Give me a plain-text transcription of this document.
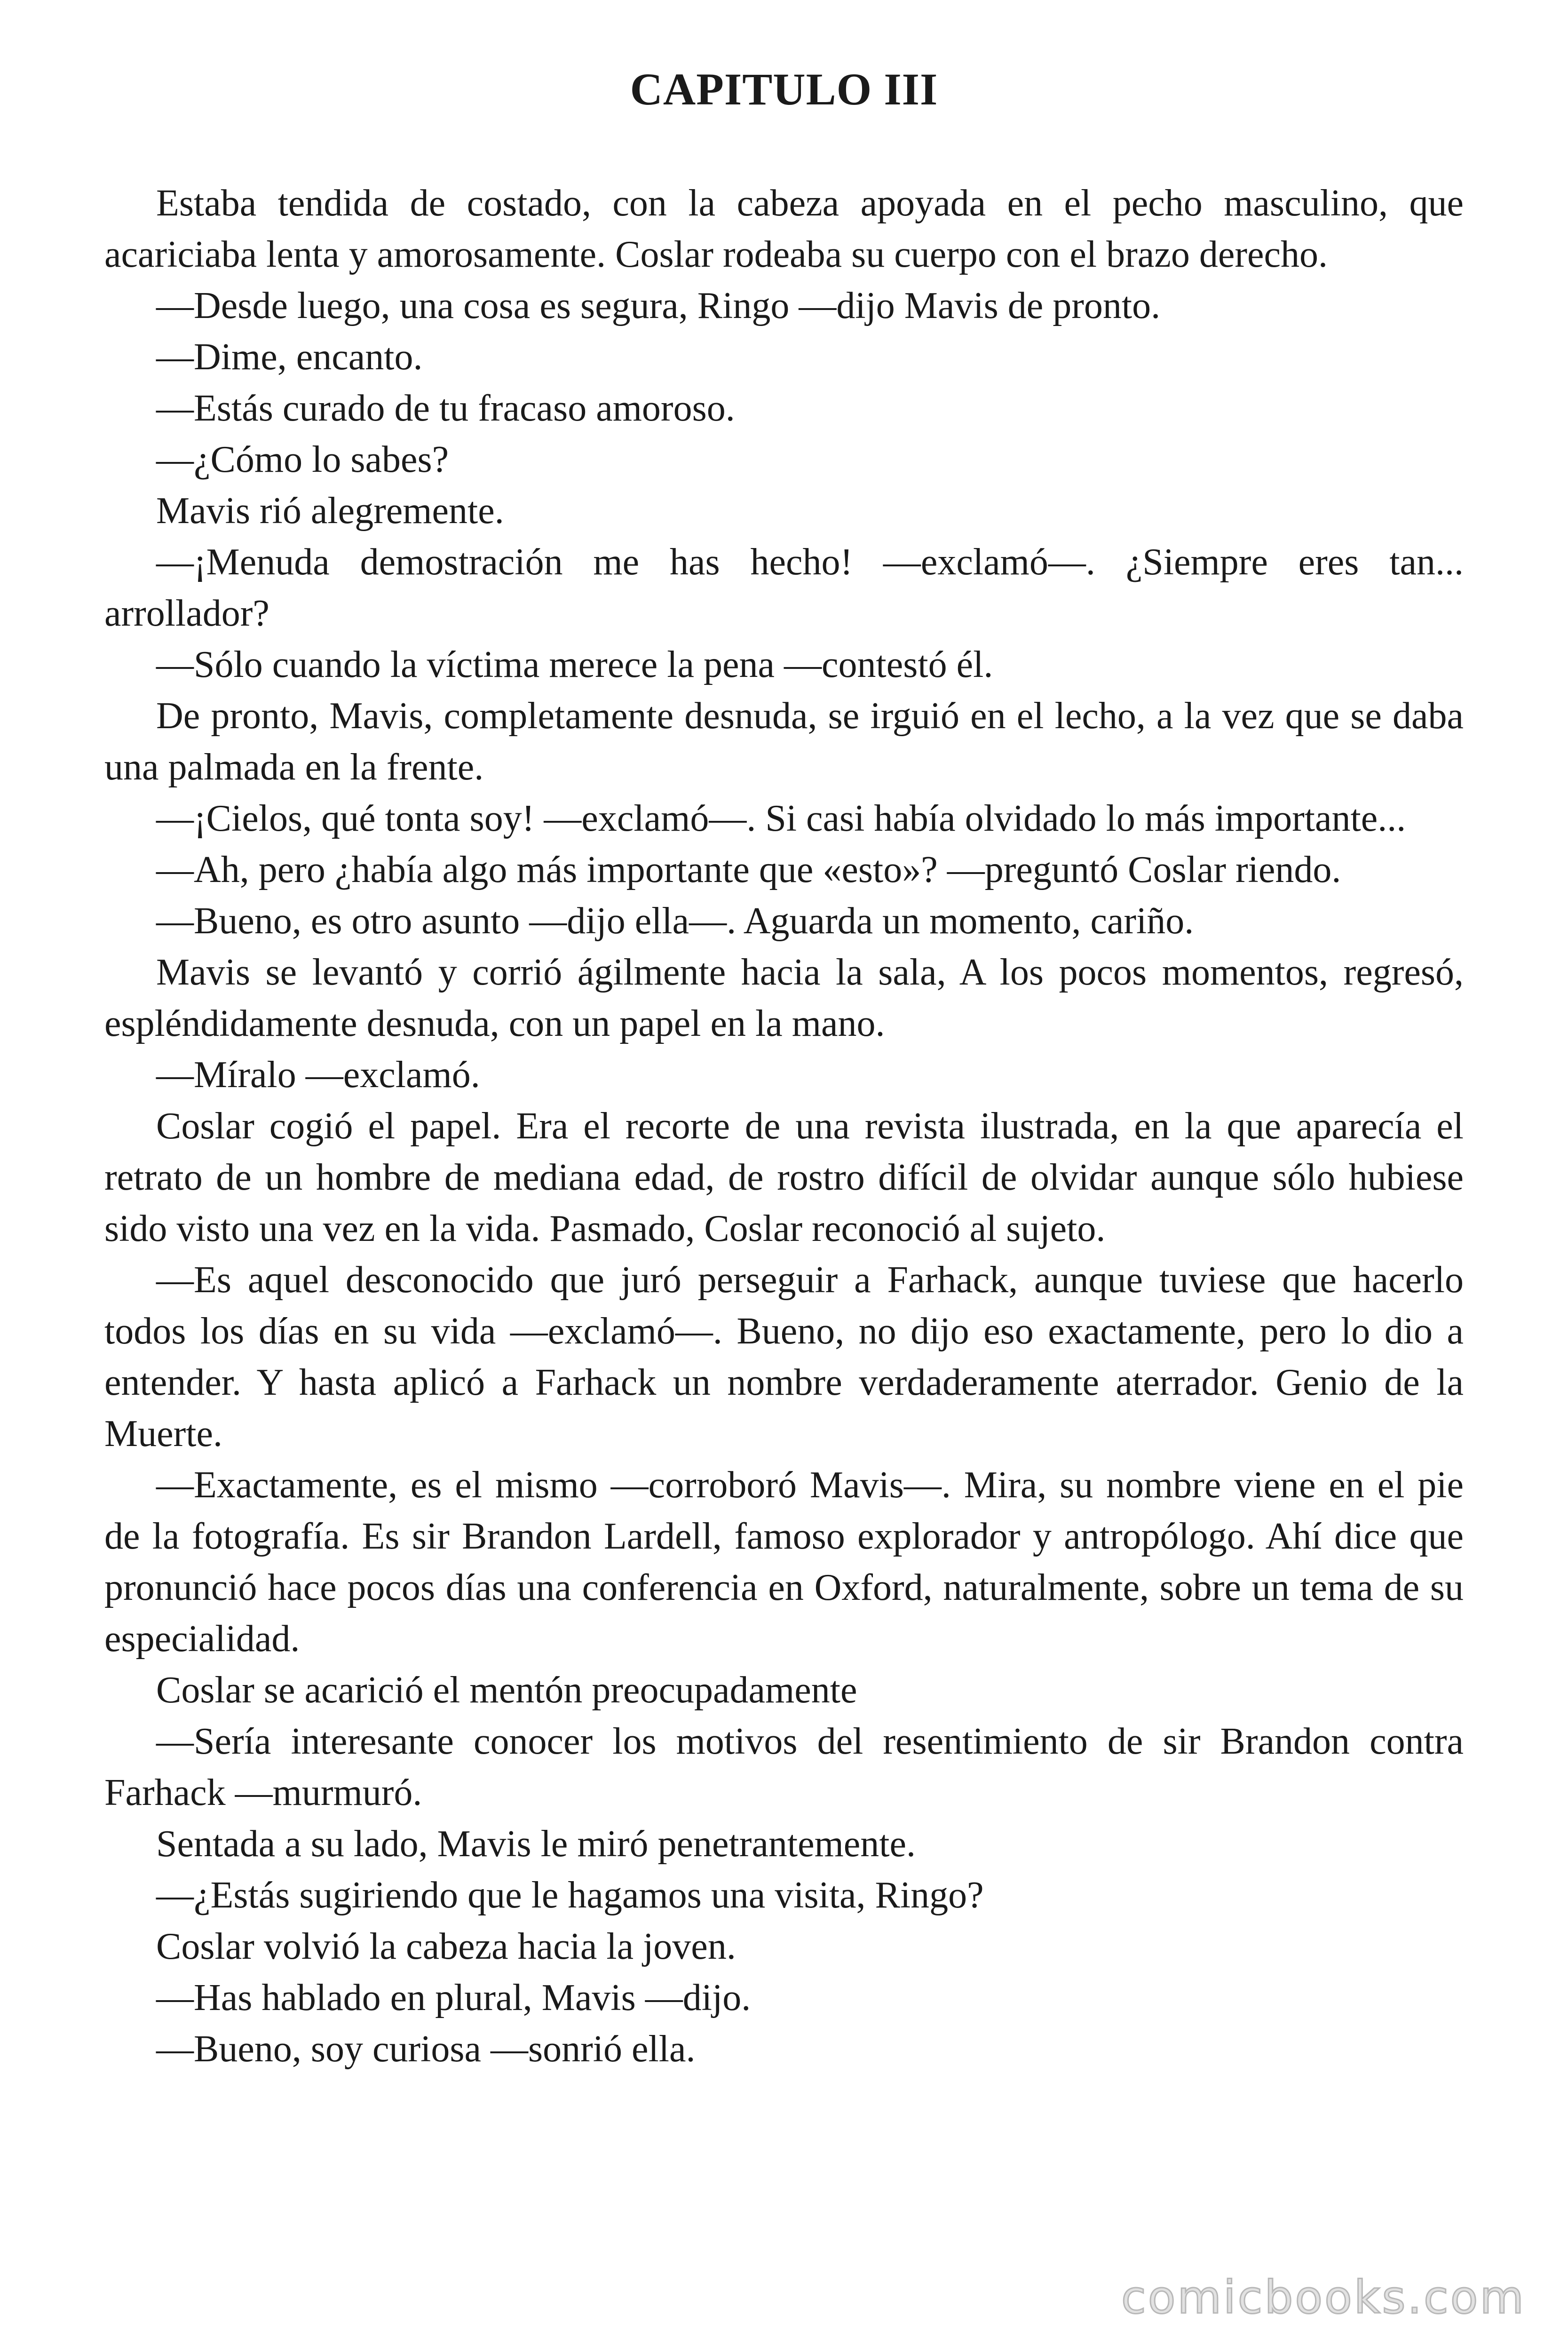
CAPITULO III

Estaba tendida de costado, con la cabeza apoyada en el pecho masculino, que acariciaba lenta y amorosamente. Coslar rodeaba su cuerpo con el brazo derecho.

—Desde luego, una cosa es segura, Ringo —dijo Mavis de pronto.

—Dime, encanto.

—Estás curado de tu fracaso amoroso.

—¿Cómo lo sabes?

Mavis rió alegremente.

—¡Menuda demostración me has hecho! —exclamó—. ¿Siempre eres tan... arrollador?

—Sólo cuando la víctima merece la pena —contestó él.

De pronto, Mavis, completamente desnuda, se irguió en el lecho, a la vez que se daba una palmada en la frente.

—¡Cielos, qué tonta soy! —exclamó—. Si casi había olvidado lo más importante...

—Ah, pero ¿había algo más importante que «esto»? —preguntó Coslar riendo.

—Bueno, es otro asunto —dijo ella—. Aguarda un momento, cariño.

Mavis se levantó y corrió ágilmente hacia la sala, A los pocos momentos, regresó, espléndidamente desnuda, con un papel en la mano.

—Míralo —exclamó.

Coslar cogió el papel. Era el recorte de una revista ilustrada, en la que aparecía el retrato de un hombre de mediana edad, de rostro difícil de olvidar aunque sólo hubiese sido visto una vez en la vida. Pasmado, Coslar reconoció al sujeto.

—Es aquel desconocido que juró perseguir a Farhack, aunque tuviese que hacerlo todos los días en su vida —exclamó—. Bueno, no dijo eso exactamente, pero lo dio a entender. Y hasta aplicó a Farhack un nombre verdaderamente aterrador. Genio de la Muerte.

—Exactamente, es el mismo —corroboró Mavis—. Mira, su nombre viene en el pie de la fotografía. Es sir Brandon Lardell, famoso explorador y antropólogo. Ahí dice que pronunció hace pocos días una conferencia en Oxford, naturalmente, sobre un tema de su especialidad.

Coslar se acarició el mentón preocupadamente

—Sería interesante conocer los motivos del resentimiento de sir Brandon contra Farhack —murmuró.

Sentada a su lado, Mavis le miró penetrantemente.

—¿Estás sugiriendo que le hagamos una visita, Ringo?

Coslar volvió la cabeza hacia la joven.

—Has hablado en plural, Mavis —dijo.

—Bueno, soy curiosa —sonrió ella.

comicbooks.com
